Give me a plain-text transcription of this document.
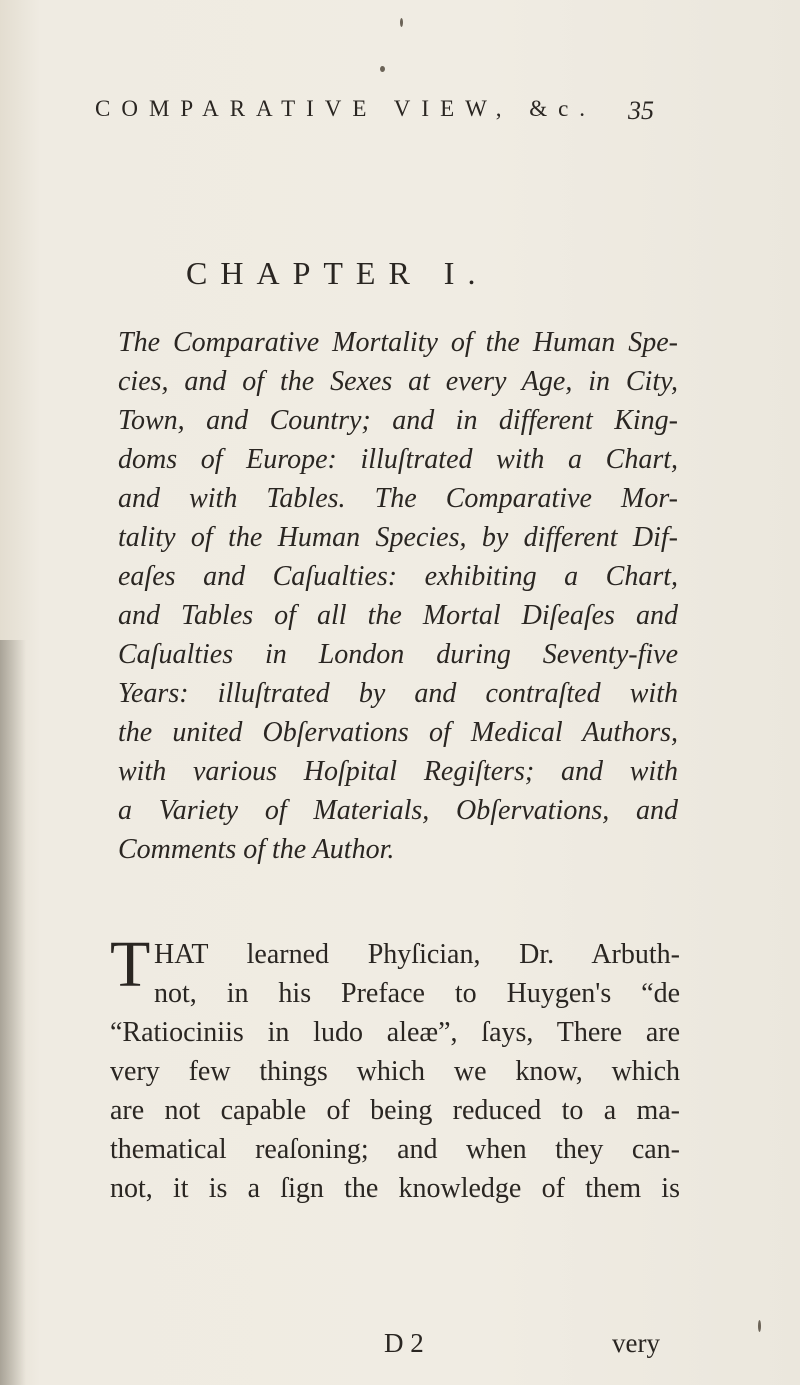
COMPARATIVE VIEW, &c.	35
CHAPTER I.
The Comparative Mortality of the Human Spe-
cies, and of the Sexes at every Age, in City,
Town, and Country; and in different King-
doms of Europe: illuſtrated with a Chart,
and with Tables. The Comparative Mor-
tality of the Human Species, by different Dif-
eaſes and Caſualties: exhibiting a Chart,
and Tables of all the Mortal Diſeaſes and
Caſualties in London during Seventy-five
Years: illuſtrated by and contraſted with
the united Obſervations of Medical Authors,
with various Hoſpital Regiſters; and with
a Variety of Materials, Obſervations, and
Comments of the Author.
T HAT learned Phyſician, Dr. Arbuth-
not, in his Preface to Huygen's “de
“Ratiociniis in ludo aleæ”, ſays, There are
very few things which we know, which
are not capable of being reduced to a ma-
thematical reaſoning; and when they can-
not, it is a ſign the knowledge of them is
D 2	very
